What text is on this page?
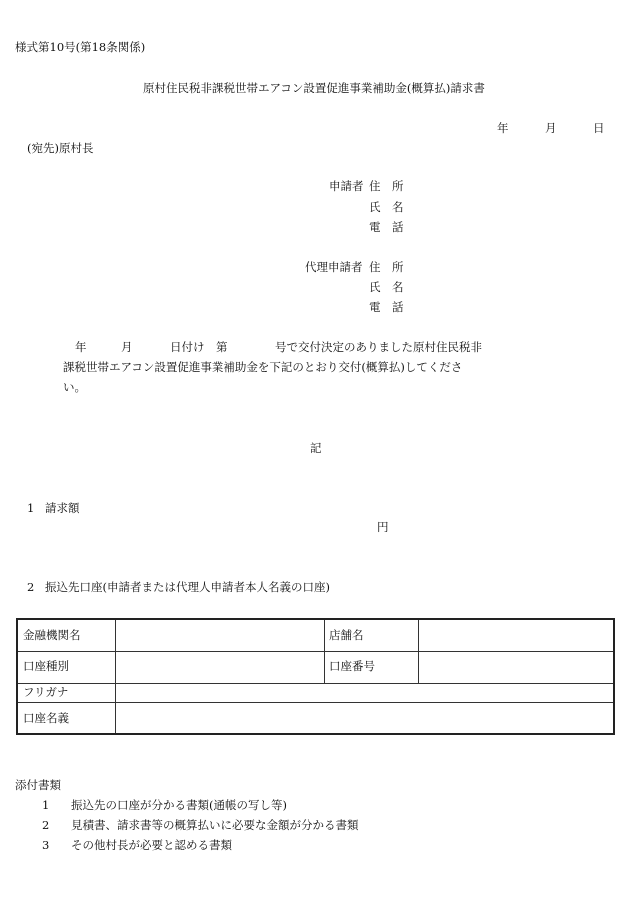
様式第10号(第18条関係)
原村住民税非課税世帯エアコン設置促進事業補助金(概算払)請求書
年	月	日
(宛先)原村長
申請者 住　所
氏　名
電　話
代理申請者 住　所
氏　名
電　話
年	月	日付け　第	号で交付決定のありました原村住民税非
課税世帯エアコン設置促進事業補助金を下記のとおり交付(概算払)してくださ
い。
記
1 請求額
円
2 振込先口座(申請者または代理人申請者本人名義の口座)
金融機関名	店舗名
口座種別	口座番号
フリガナ
口座名義
添付書類
1 振込先の口座が分かる書類(通帳の写し等)
2 見積書、請求書等の概算払いに必要な金額が分かる書類
3 その他村長が必要と認める書類
